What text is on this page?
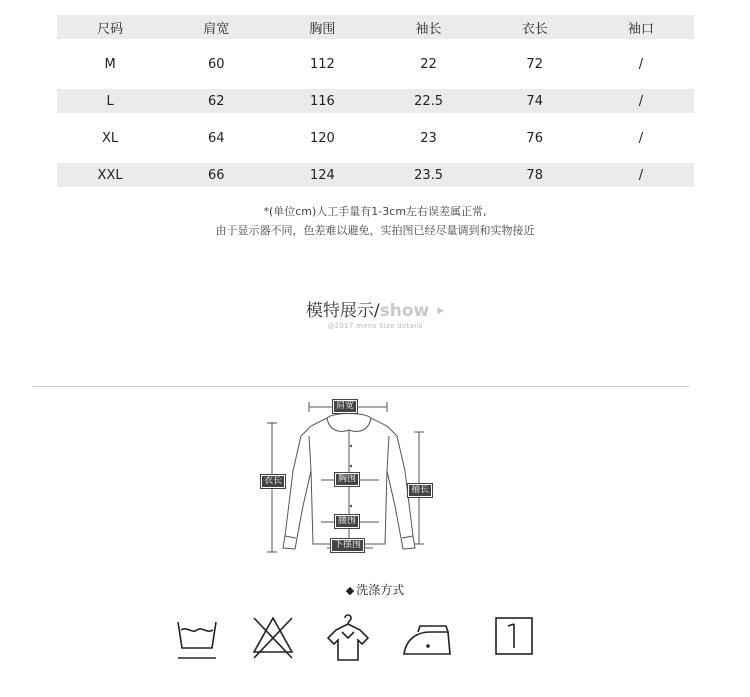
尺码	肩宽	胸围	袖长	衣长	袖口
M	60	112	22	72	/
L	62	116	22.5	74	/
XL	64	120	23	76	/
XXL	66	124	23.5	78	/
*(单位cm)人工手量有1-3cm左右误差属正常,
由于显示器不同，色差难以避免，实拍图已经尽量调到和实物接近
模特展示/show ▶
@2017 mens Size details
肩宽
衣长	胸围
袖长
腰围
下摆围
◆ 洗涤方式
